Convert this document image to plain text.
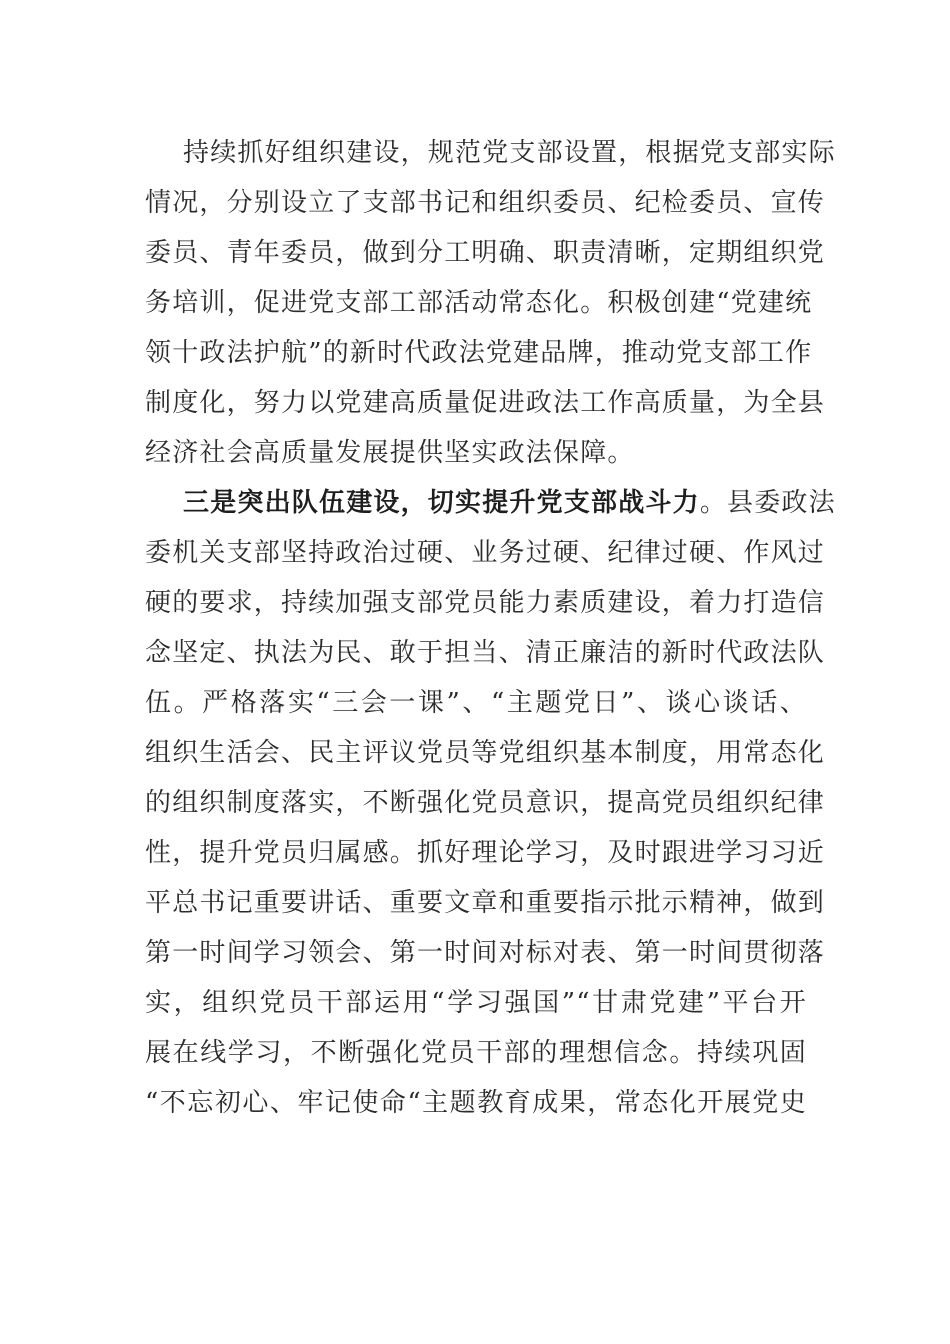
持续抓好组织建设，规范党支部设置，根据党支部实际
情况，分别设立了支部书记和组织委员、纪检委员、宣传
委员、青年委员，做到分工明确、职责清晰，定期组织党
务培训，促进党支部工部活动常态化。积极创建“党建统
领十政法护航”的新时代政法党建品牌，推动党支部工作
制度化，努力以党建高质量促进政法工作高质量，为全县
经济社会高质量发展提供坚实政法保障。
三是突出队伍建设，切实提升党支部战斗力。县委政法
委机关支部坚持政治过硬、业务过硬、纪律过硬、作风过
硬的要求，持续加强支部党员能力素质建设，着力打造信
念坚定、执法为民、敢于担当、清正廉洁的新时代政法队
伍。严格落实“三会一课”、“主题党日”、谈心谈话、
组织生活会、民主评议党员等党组织基本制度，用常态化
的组织制度落实，不断强化党员意识，提高党员组织纪律
性，提升党员归属感。抓好理论学习，及时跟进学习习近
平总书记重要讲话、重要文章和重要指示批示精神，做到
第一时间学习领会、第一时间对标对表、第一时间贯彻落
实，组织党员干部运用“学习强国”“甘肃党建”平台开
展在线学习，不断强化党员干部的理想信念。持续巩固
“不忘初心、牢记使命“主题教育成果，常态化开展党史
